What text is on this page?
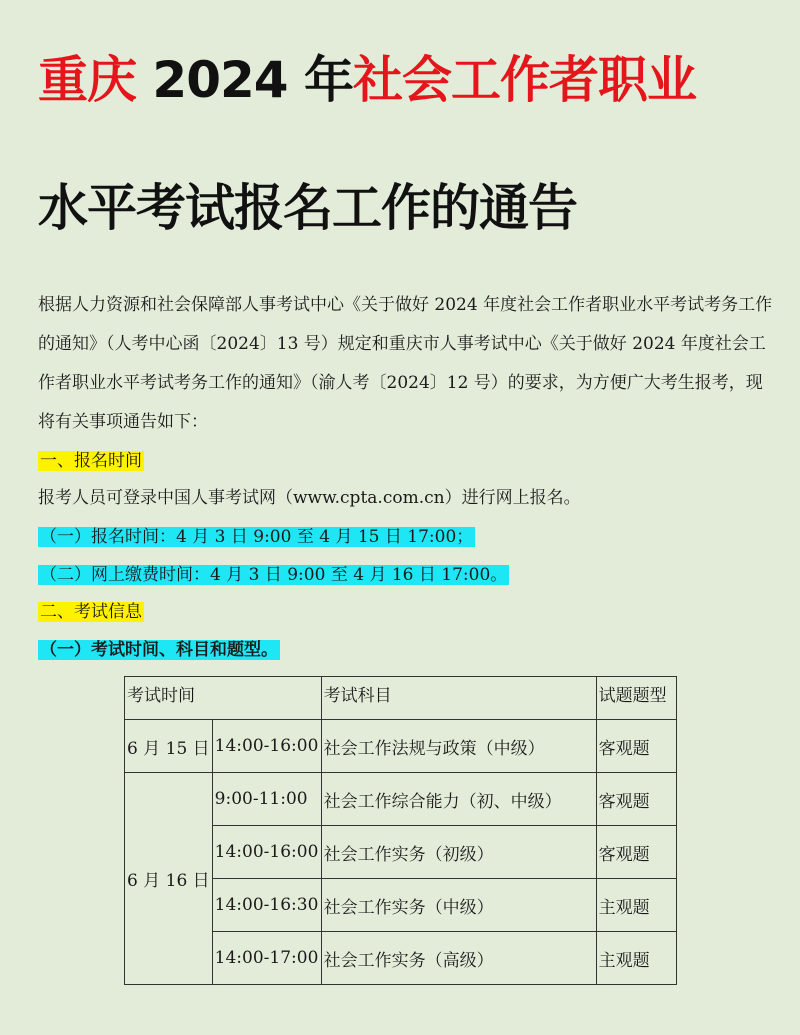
重庆 2024 年社会工作者职业
水平考试报名工作的通告

根据人力资源和社会保障部人事考试中心《关于做好 2024 年度社会工作者职业水平考试考务工作的通知》（人考中心函〔2024〕13 号）规定和重庆市人事考试中心《关于做好 2024 年度社会工作者职业水平考试考务工作的通知》（渝人考〔2024〕12 号）的要求，为方便广大考生报考，现将有关事项通告如下：

一、报名时间
报考人员可登录中国人事考试网（www.cpta.com.cn）进行网上报名。
（一）报名时间：4 月 3 日 9:00 至 4 月 15 日 17:00；
（二）网上缴费时间：4 月 3 日 9:00 至 4 月 16 日 17:00。
二、考试信息
（一）考试时间、科目和题型。
考试时间		考试科目	试题题型
6 月 15 日	14:00-16:00	社会工作法规与政策（中级）	客观题
6 月 16 日	9:00-11:00	社会工作综合能力（初、中级）	客观题
	14:00-16:00	社会工作实务（初级）	客观题
	14:00-16:30	社会工作实务（中级）	主观题
	14:00-17:00	社会工作实务（高级）	主观题
